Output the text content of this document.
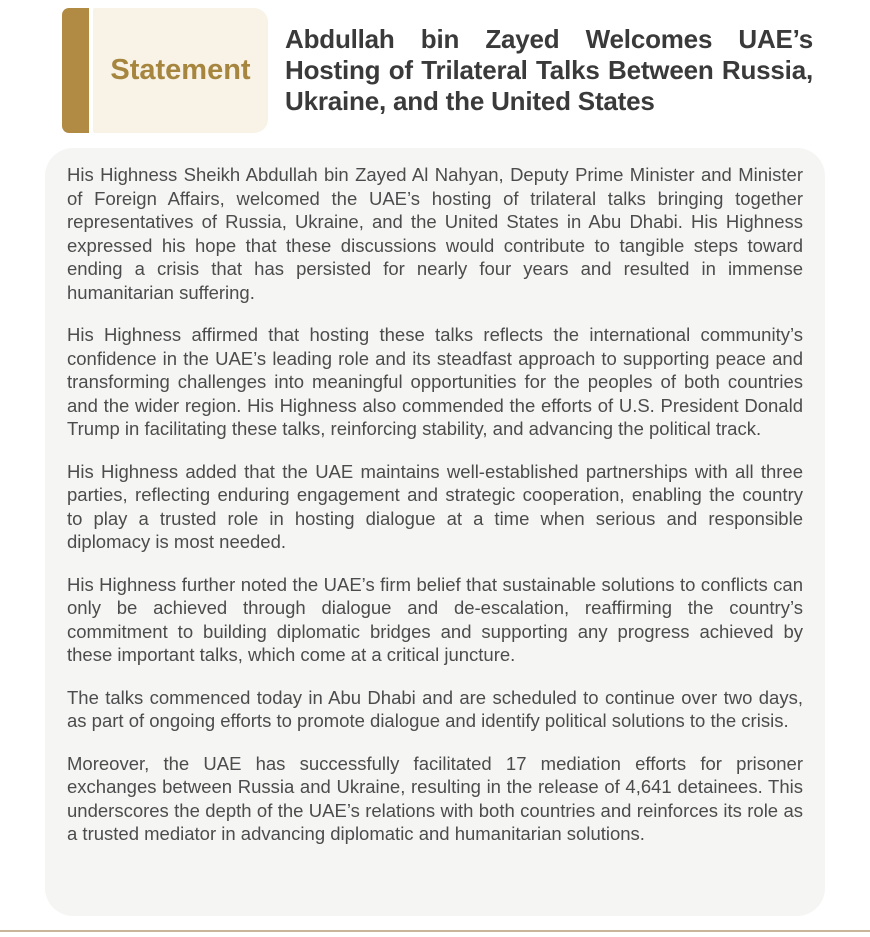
Statement
Abdullah bin Zayed Welcomes UAE’s Hosting of Trilateral Talks Between Russia, Ukraine, and the United States

His Highness Sheikh Abdullah bin Zayed Al Nahyan, Deputy Prime Minister and Minister of Foreign Affairs, welcomed the UAE’s hosting of trilateral talks bringing together representatives of Russia, Ukraine, and the United States in Abu Dhabi. His Highness expressed his hope that these discussions would contribute to tangible steps toward ending a crisis that has persisted for nearly four years and resulted in immense humanitarian suffering.

His Highness affirmed that hosting these talks reflects the international community’s confidence in the UAE’s leading role and its steadfast approach to supporting peace and transforming challenges into meaningful opportunities for the peoples of both countries and the wider region. His Highness also commended the efforts of U.S. President Donald Trump in facilitating these talks, reinforcing stability, and advancing the political track.

His Highness added that the UAE maintains well-established partnerships with all three parties, reflecting enduring engagement and strategic cooperation, enabling the country to play a trusted role in hosting dialogue at a time when serious and responsible diplomacy is most needed.

His Highness further noted the UAE’s firm belief that sustainable solutions to conflicts can only be achieved through dialogue and de-escalation, reaffirming the country’s commitment to building diplomatic bridges and supporting any progress achieved by these important talks, which come at a critical juncture.

The talks commenced today in Abu Dhabi and are scheduled to continue over two days, as part of ongoing efforts to promote dialogue and identify political solutions to the crisis.

Moreover, the UAE has successfully facilitated 17 mediation efforts for prisoner exchanges between Russia and Ukraine, resulting in the release of 4,641 detainees. This underscores the depth of the UAE’s relations with both countries and reinforces its role as a trusted mediator in advancing diplomatic and humanitarian solutions.
